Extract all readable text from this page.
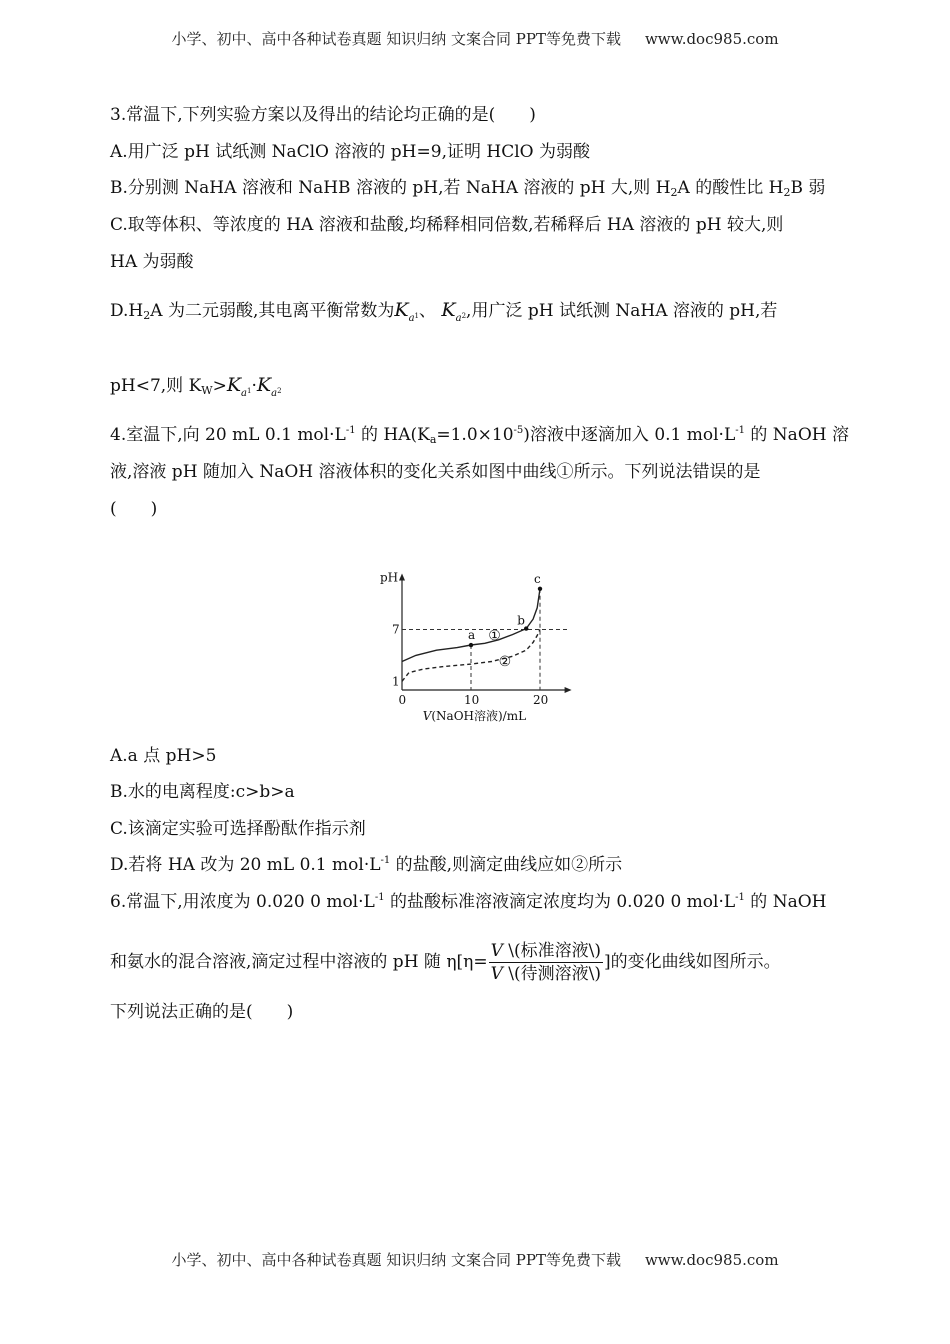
小学、初中、高中各种试卷真题 知识归纳 文案合同 PPT等免费下载 www.doc985.com
3.常温下,下列实验方案以及得出的结论均正确的是(　　)
A.用广泛 pH 试纸测 NaClO 溶液的 pH=9,证明 HClO 为弱酸
B.分别测 NaHA 溶液和 NaHB 溶液的 pH,若 NaHA 溶液的 pH 大,则 $H_2A$ 的酸性比 $H_2B$ 弱
C.取等体积、等浓度的 HA 溶液和盐酸,均稀释相同倍数,若稀释后 HA 溶液的 pH 较大,则
HA 为弱酸
$D.H_2A$ 为二元弱酸,其电离平衡常数为$K_a1$、 $K_a2$,用广泛 pH 试纸测 NaHA 溶液的 pH,若
pH<7,则 $K_W>K_a1\cdot K_a2$
4.室温下,向 20 mL 0.1 $mol\cdot L^{-1}$ 的 $HA(K_a=1.0\times 10^{-5})$溶液中逐滴加入 0.1 $mol\cdot L^{-1}$ 的 NaOH 溶
液,溶液 pH 随加入 NaOH 溶液体积的变化关系如图中曲线①所示。下列说法错误的是
(　　)
a
b
c
①
②
0	10	20
1
7
pH
V(NaOH溶液)/mL
A.a 点 pH>5
B.水的电离程度:c>b>a
C.该滴定实验可选择酚酞作指示剂
D.若将 HA 改为 20 mL 0.1 $mol\cdot L^{-1}$ 的盐酸,则滴定曲线应如②所示
6.常温下,用浓度为 0.020 0 $mol\cdot L^{-1}$ 的盐酸标准溶液滴定浓度均为 0.020 0 $mol\cdot L^{-1}$ 的 NaOH
和氨水的混合溶液,滴定过程中溶液的 pH 随 $\eta[\eta= \frac{\text{V \textbackslash{}(标准溶液\textbackslash{})}}{\text{V \textbackslash{}(待测溶液\textbackslash{})}}$ ]的变化曲线如图所示。
下列说法正确的是(　　)
小学、初中、高中各种试卷真题 知识归纳 文案合同 PPT等免费下载 www.doc985.com
